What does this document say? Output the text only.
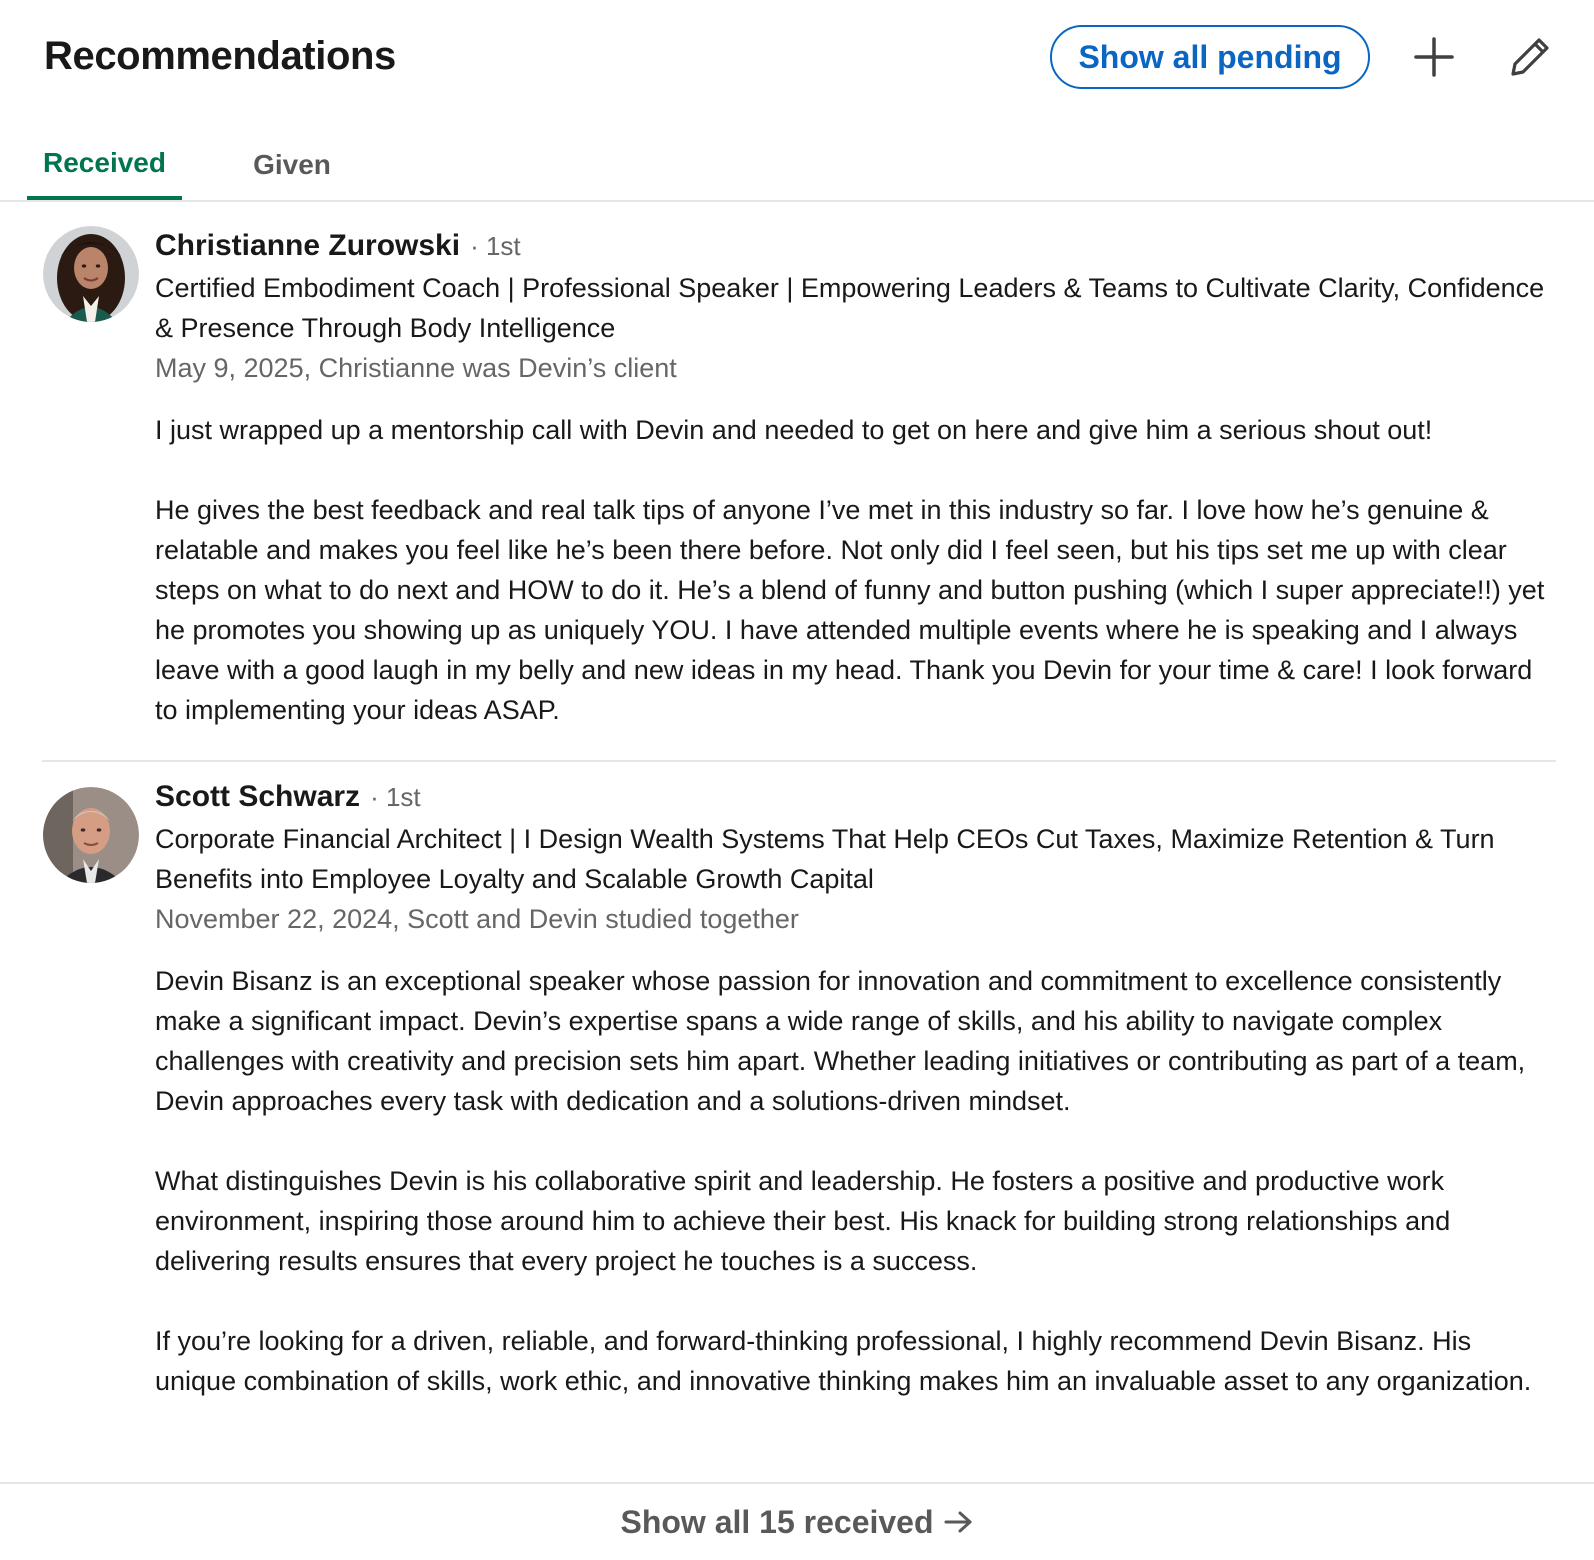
Recommendations	Show all pending
Received	Given
Christianne Zurowski · 1st
Certified Embodiment Coach | Professional Speaker | Empowering Leaders & Teams to Cultivate Clarity, Confidence & Presence Through Body Intelligence
May 9, 2025, Christianne was Devin’s client

I just wrapped up a mentorship call with Devin and needed to get on here and give him a serious shout out!

He gives the best feedback and real talk tips of anyone I’ve met in this industry so far. I love how he’s genuine & relatable and makes you feel like he’s been there before. Not only did I feel seen, but his tips set me up with clear steps on what to do next and HOW to do it. He’s a blend of funny and button pushing (which I super appreciate!!) yet he promotes you showing up as uniquely YOU. I have attended multiple events where he is speaking and I always leave with a good laugh in my belly and new ideas in my head. Thank you Devin for your time & care! I look forward to implementing your ideas ASAP.

Scott Schwarz · 1st
Corporate Financial Architect | I Design Wealth Systems That Help CEOs Cut Taxes, Maximize Retention & Turn Benefits into Employee Loyalty and Scalable Growth Capital
November 22, 2024, Scott and Devin studied together

Devin Bisanz is an exceptional speaker whose passion for innovation and commitment to excellence consistently make a significant impact. Devin’s expertise spans a wide range of skills, and his ability to navigate complex challenges with creativity and precision sets him apart. Whether leading initiatives or contributing as part of a team, Devin approaches every task with dedication and a solutions-driven mindset.

What distinguishes Devin is his collaborative spirit and leadership. He fosters a positive and productive work environment, inspiring those around him to achieve their best. His knack for building strong relationships and delivering results ensures that every project he touches is a success.

If you’re looking for a driven, reliable, and forward-thinking professional, I highly recommend Devin Bisanz. His unique combination of skills, work ethic, and innovative thinking makes him an invaluable asset to any organization.

Show all 15 received
